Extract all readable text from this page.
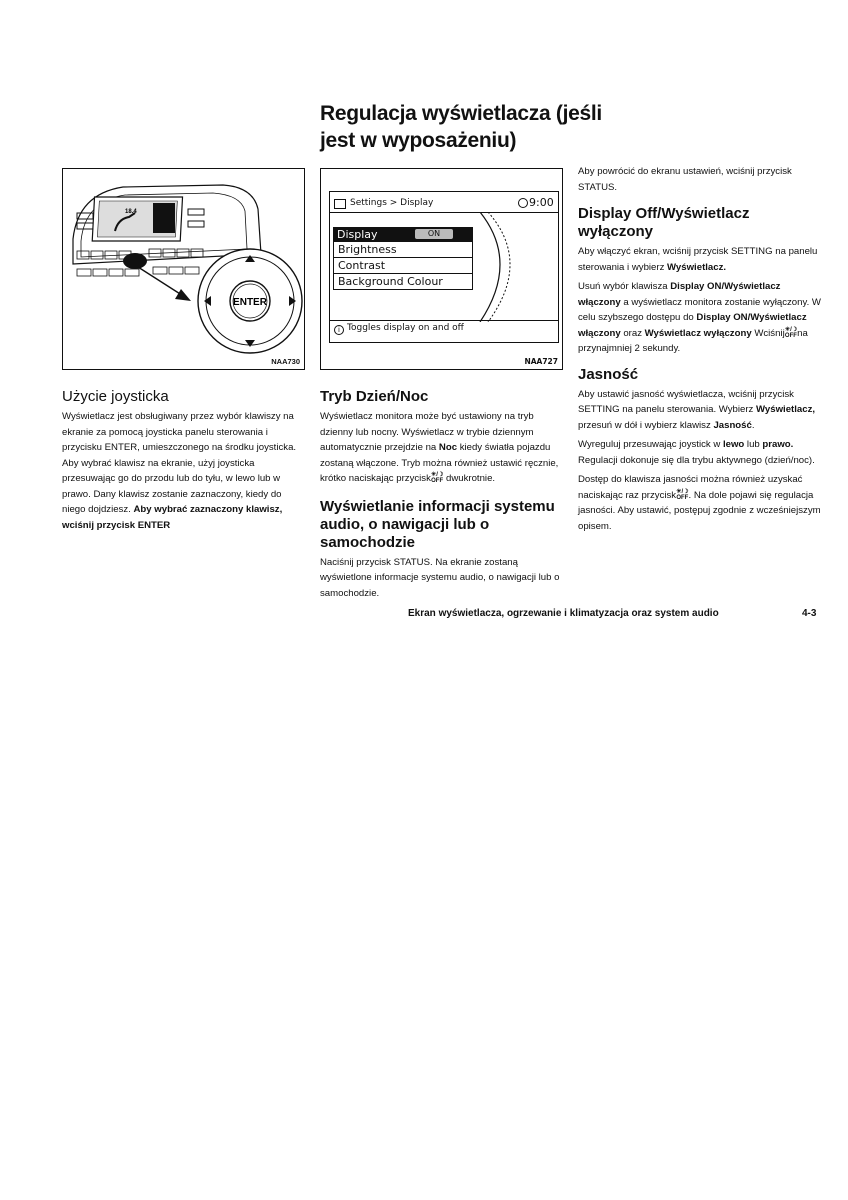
Regulacja wyświetlacza (jeśli jest w wyposażeniu)
18.4
ENTER
NAA730
Settings > Display	9:00
Display	ON
Brightness
Contrast
Background Colour
i Toggles display on and off
NAA727
Użycie joysticka

Wyświetlacz jest obsługiwany przez wybór klawiszy na ekranie za pomocą joysticka panelu sterowania i przycisku ENTER, umieszczonego na środku joysticka. Aby wybrać klawisz na ekranie, użyj joysticka przesuwając go do przodu lub do tyłu, w lewo lub w prawo. Dany klawisz zostanie zaznaczony, kiedy do niego dojdziesz. Aby wybrać zaznaczony klawisz, wciśnij przycisk ENTER

Tryb Dzień/Noc

Wyświetlacz monitora może być ustawiony na tryb dzienny lub nocny. Wyświetlacz w trybie dziennym automatycznie przejdzie na Noc kiedy światła pojazdu zostaną włączone. Tryb można również ustawić ręcznie, krótko naciskając przycisk☀/☽
OFF dwukrotnie.

Wyświetlanie informacji systemu audio, o nawigacji lub o samochodzie

Naciśnij przycisk STATUS. Na ekranie zostaną wyświetlone informacje systemu audio, o nawigacji lub o samochodzie.

Aby powrócić do ekranu ustawień, wciśnij przycisk STATUS.

Display Off/Wyświetlacz wyłączony

Aby włączyć ekran, wciśnij przycisk SETTING na panelu sterowania i wybierz Wyświetlacz.

Usuń wybór klawisza Display ON/Wyświetlacz włączony a wyświetlacz monitora zostanie wyłączony. W celu szybszego dostępu do Display ON/Wyświetlacz włączony oraz Wyświetlacz wyłączony Wciśnij☀/☽
OFFna przynajmniej 2 sekundy.

Jasność

Aby ustawić jasność wyświetlacza, wciśnij przycisk SETTING na panelu sterowania. Wybierz Wyświetlacz, przesuń w dół i wybierz klawisz Jasność.

Wyreguluj przesuwając joystick w lewo lub prawo. Regulacji dokonuje się dla trybu aktywnego (dzień/noc).

Dostęp do klawisza jasności można również uzyskać naciskając raz przycisk☀/☽
OFF. Na dole pojawi się regulacja jasności. Aby ustawić, postępuj zgodnie z wcześniejszym opisem.

Ekran wyświetlacza, ogrzewanie i klimatyzacja oraz system audio	4-3
